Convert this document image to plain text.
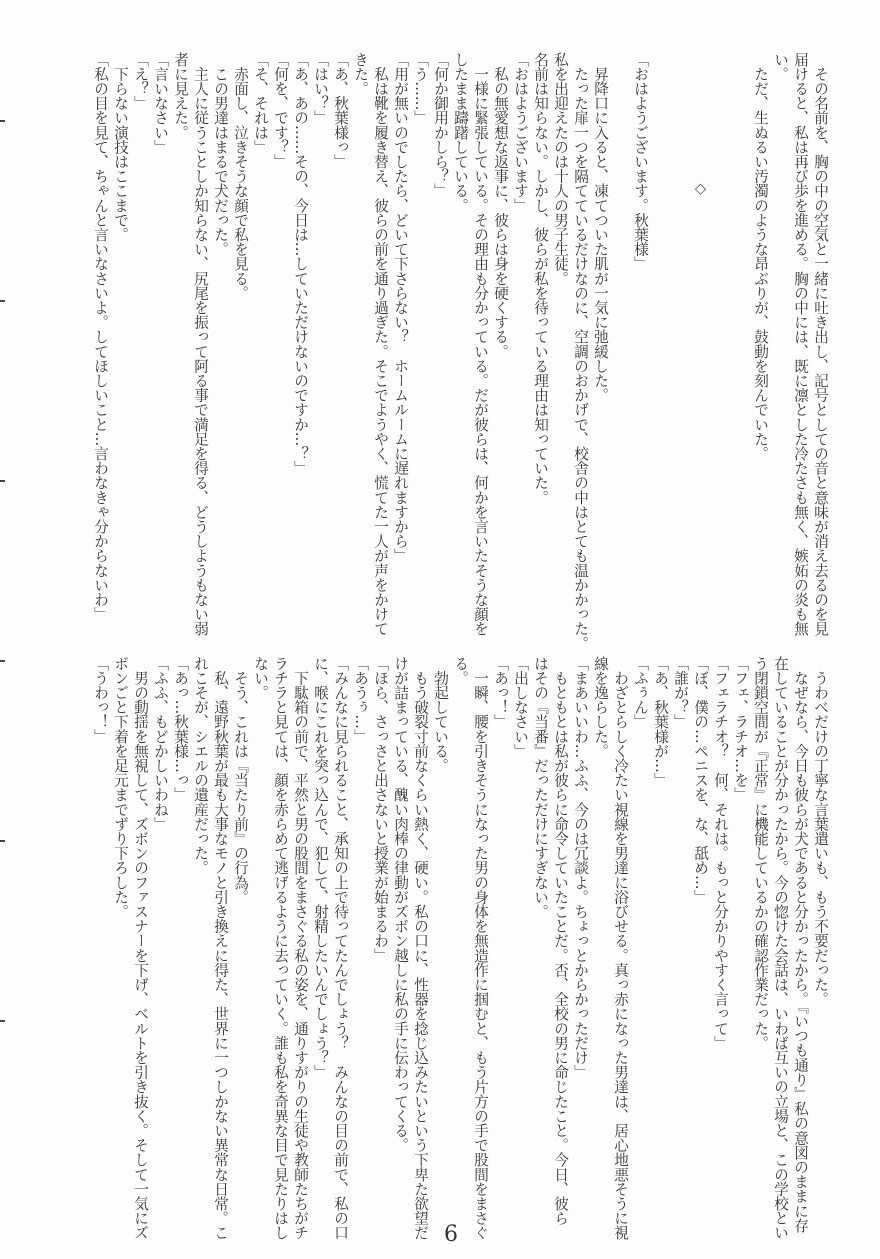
　その名前を、胸の中の空気と一緒に吐き出し、記号としての音と意味が消え去るのを見
届けると、私は再び歩を進める。胸の中には、既に凛とした冷たさも無く、嫉妬の炎も無
い。
　ただ、生ぬるい汚濁のような昂ぶりが、鼓動を刻んでいた。
◇
「おはようございます。秋葉様」
　昇降口に入ると、凍てついた肌が一気に弛緩した。
　たった扉一つを隔てているだけなのに、空調のおかげで、校舎の中はとても温かかった。
私を出迎えたのは十人の男子生徒。
名前は知らない。しかし、彼らが私を待っている理由は知っていた。
「おはようございます」
　私の無愛想な返事に、彼らは身を硬くする。
　一様に緊張している。その理由も分かっている。だが彼らは、何かを言いたそうな顔を
したまま躊躇している。
「何か御用かしら？」
「う……」
「用が無いのでしたら、どいて下さらない？　ホームルームに遅れますから」
　私は靴を履き替え、彼らの前を通り過ぎた。そこでようやく、慌てた一人が声をかけて
きた。
「あ、秋葉様っ」
「はい？」
「あ、あの……その、今日は…していただけないのですか…？」
「何を、です？」
「そ、それは」
　赤面し、泣きそうな顔で私を見る。
　この男達はまるで犬だった。
　主人に従うことしか知らない、尻尾を振って阿る事で満足を得る、どうしようもない弱
者に見えた。
「言いなさい」
「え？」
　下らない演技はここまで。
「私の目を見て、ちゃんと言いなさいよ。してほしいこと…言わなきゃ分からないわ」
　うわべだけの丁寧な言葉遣いも、もう不要だった。
　なぜなら、今日も彼らが犬であると分かったから。『いつも通り』私の意図のままに存
在していることが分かったから。今の惚けた会話は、いわば互いの立場と、この学校とい
う閉鎖空間が『正常』に機能しているかの確認作業だった。
「フェ、ラチオ…を」
「フェラチオ？　何、それは。もっと分かりやすく言って」
「ぼ、僕の…ペニスを、な、舐め…」
「誰が？」
「あ、秋葉様が…」
「ふぅん」
　わざとらしく冷たい視線を男達に浴びせる。真っ赤になった男達は、居心地悪そうに視
線を逸らした。
「まあいいわ…ふふ、今のは冗談よ。ちょっとからかっただけ」
　もともとは私が彼らに命令していたことだ。否、全校の男に命じたこと。今日、彼ら
はその『当番』だっただけにすぎない。
「出しなさい」
「あっ！」
　一瞬、腰を引きそうになった男の身体を無造作に掴むと、もう片方の手で股間をまさぐ
る。
　勃起している。
　もう破裂寸前なくらい熱く、硬い。私の口に、性器を捻じ込みたいという下卑た欲望だ
けが詰まっている、醜い肉棒の律動がズボン越しに私の手に伝わってくる。
「ほら、さっさと出さないと授業が始まるわ」
「あうぅ…」
「みんなに見られること、承知の上で待ってたんでしょう？　みんなの目の前で、私の口
に、喉にこれを突っ込んで、犯して、射精したいんでしょう？」
　下駄箱の前で、平然と男の股間をまさぐる私の姿を、通りすがりの生徒や教師たちがチ
ラチラと見ては、顔を赤らめて逃げるように去っていく。誰も私を奇異な目で見たりはし
ない。
　そう、これは『当たり前』の行為。
　私、遠野秋葉が最も大事なモノと引き換えに得た、世界に一つしかない異常な日常。こ
れこそが、シエルの遺産だった。
「あっ…秋葉様…っ」
「ふふ、もどかしいわね」
　男の動揺を無視して、ズボンのファスナーを下げ、ベルトを引き抜く。そして一気にズ
ボンごと下着を足元までずり下ろした。
「うわっ！」
6
